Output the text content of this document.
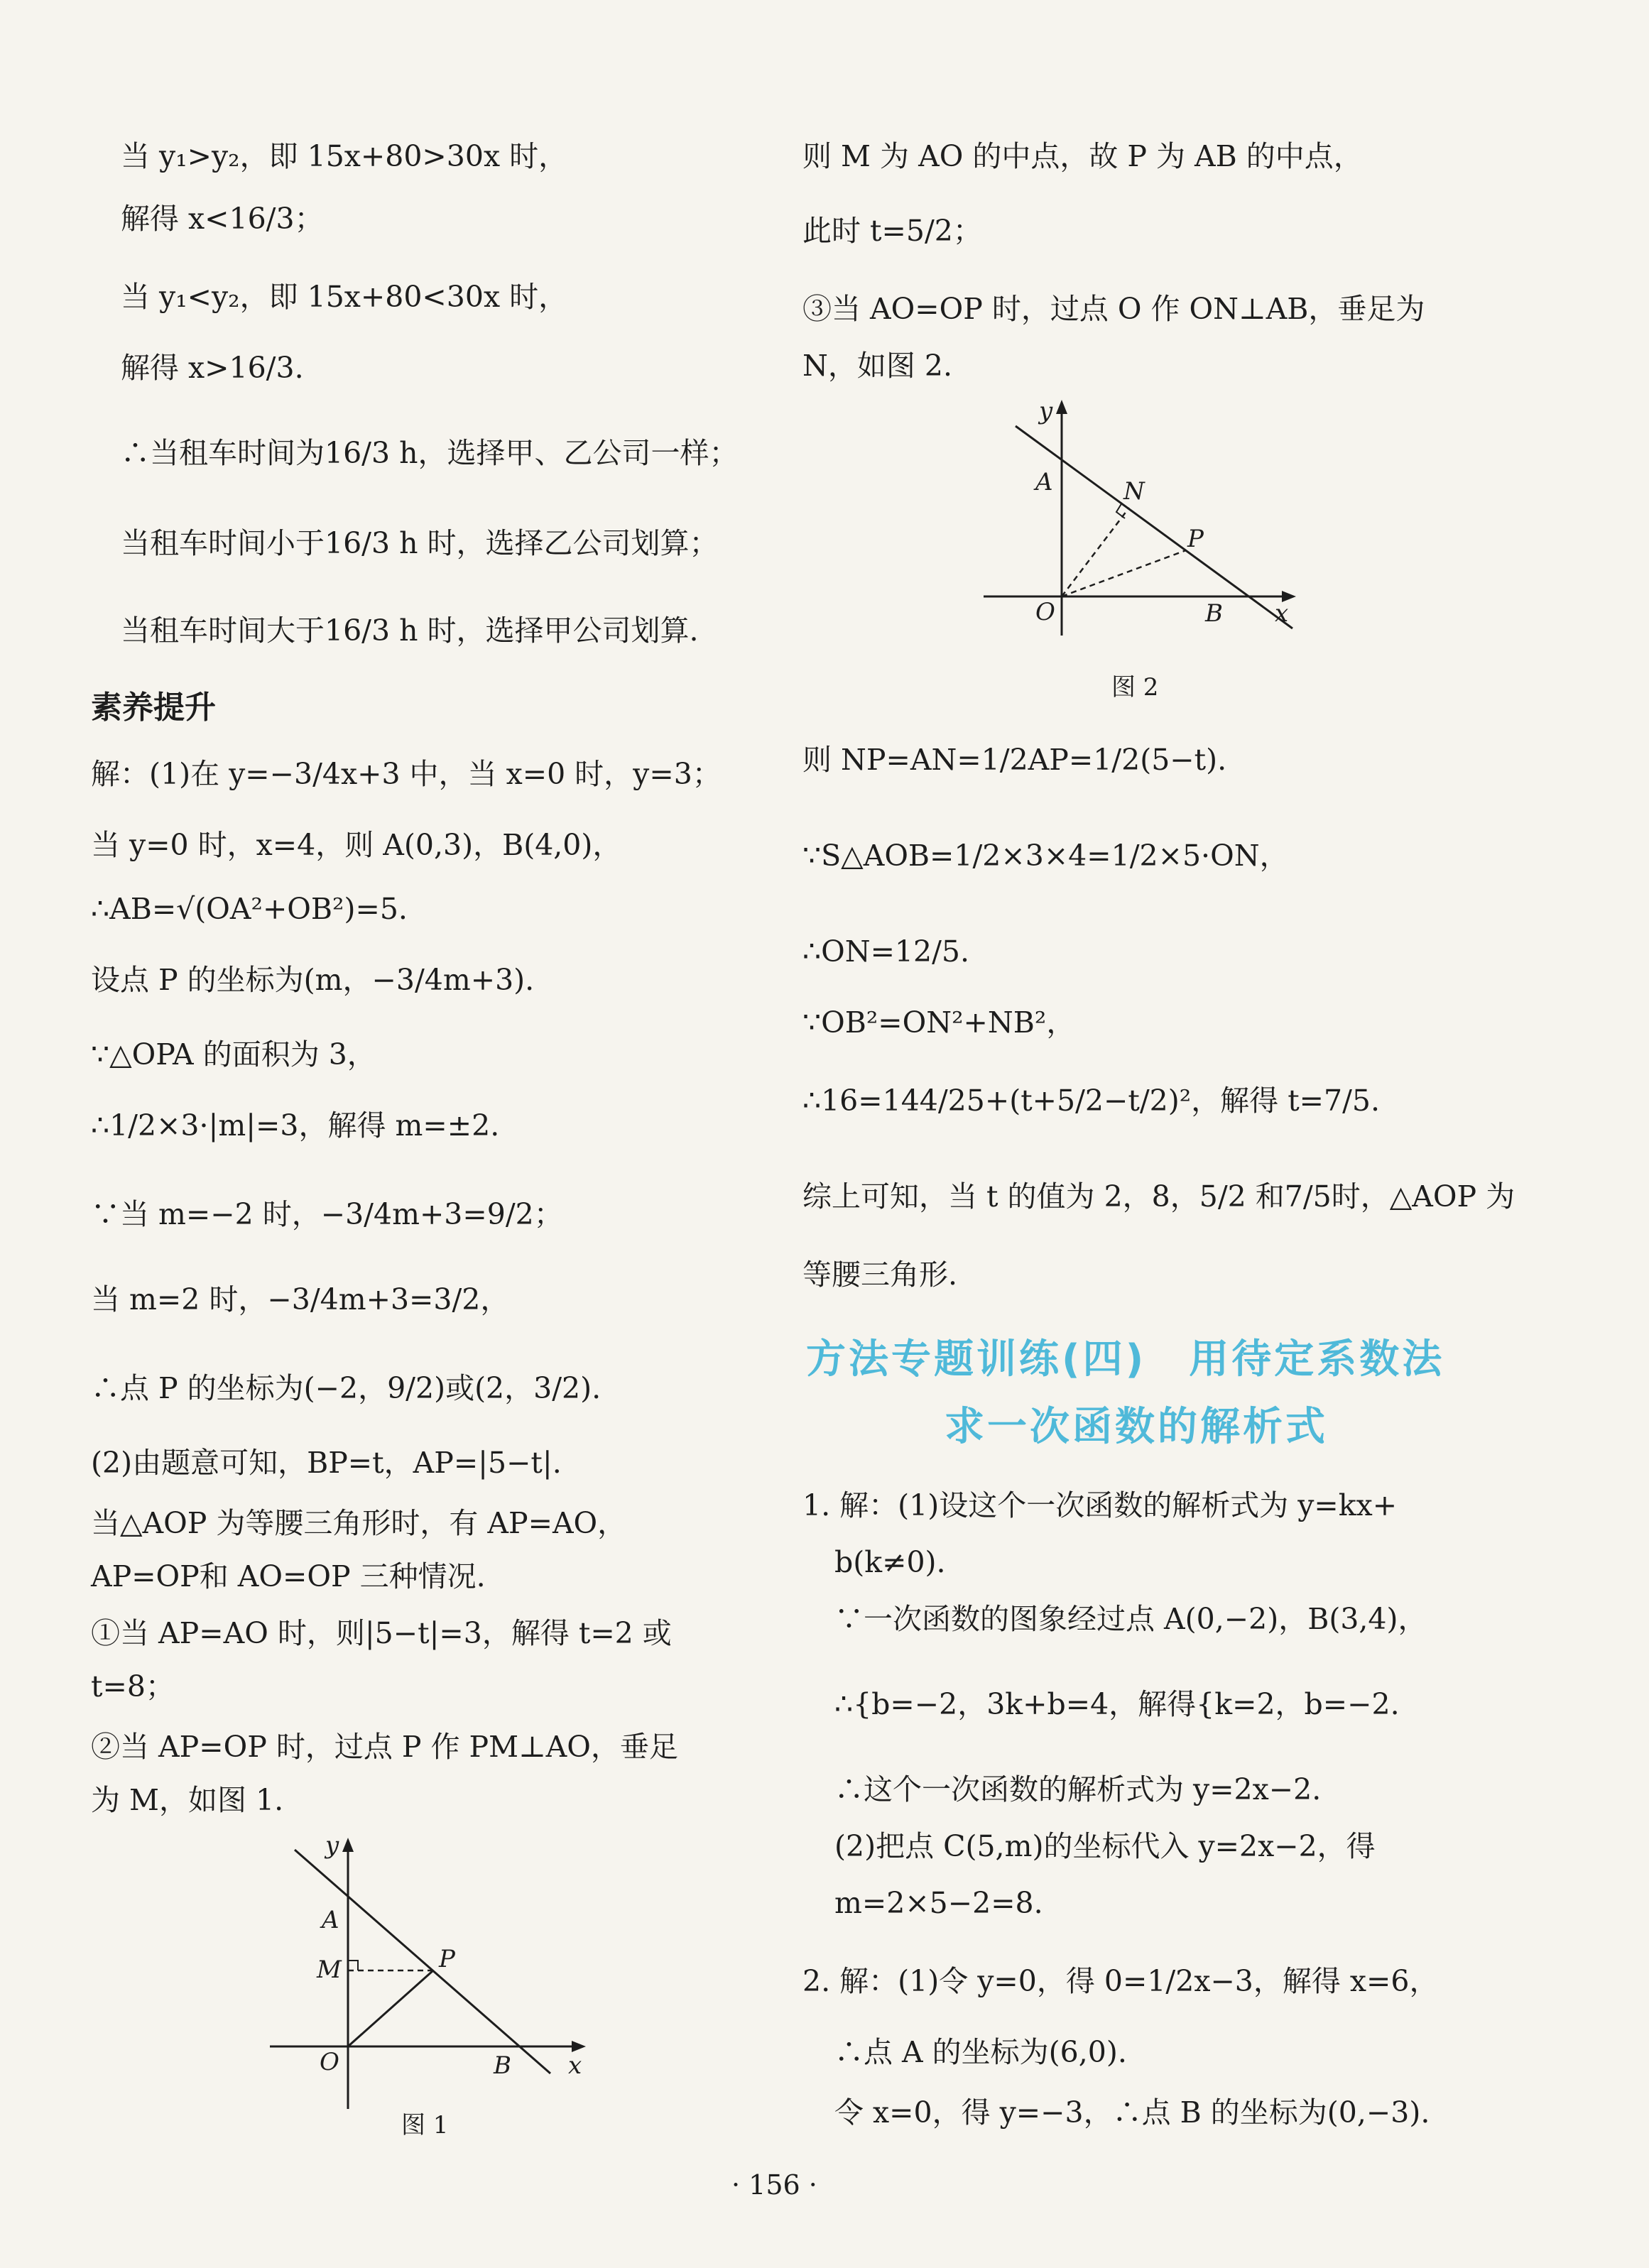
当 y₁>y₂，即 15x+80>30x 时，
解得 x<16/3；
当 y₁<y₂，即 15x+80<30x 时，
解得 x>16/3.
∴当租车时间为16/3 h，选择甲、乙公司一样；
当租车时间小于16/3 h 时，选择乙公司划算；
当租车时间大于16/3 h 时，选择甲公司划算.
素养提升
解：(1)在 y=−3/4x+3 中，当 x=0 时，y=3；
当 y=0 时，x=4，则 A(0,3)，B(4,0)，
∴AB=√(OA²+OB²)=5.
设点 P 的坐标为(m，−3/4m+3).
∵△OPA 的面积为 3，
∴1/2×3·|m|=3，解得 m=±2.
∵当 m=−2 时，−3/4m+3=9/2；
当 m=2 时，−3/4m+3=3/2，
∴点 P 的坐标为(−2，9/2)或(2，3/2).
(2)由题意可知，BP=t，AP=|5−t|.
当△AOP 为等腰三角形时，有 AP=AO，
AP=OP和 AO=OP 三种情况.
①当 AP=AO 时，则|5−t|=3，解得 t=2 或
t=8；
②当 AP=OP 时，过点 P 作 PM⊥AO，垂足
为 M，如图 1.
y
A
M	P
O	B x
图 1
则 M 为 AO 的中点，故 P 为 AB 的中点，
此时 t=5/2；
③当 AO=OP 时，过点 O 作 ON⊥AB，垂足为
N，如图 2.
y
A	N
P
O	B x
图 2
则 NP=AN=1/2AP=1/2(5−t).
∵S△AOB=1/2×3×4=1/2×5·ON，
∴ON=12/5.
∵OB²=ON²+NB²，
∴16=144/25+(t+5/2−t/2)²，解得 t=7/5.
综上可知，当 t 的值为 2，8，5/2 和7/5时，△AOP 为
等腰三角形.
方法专题训练(四)　用待定系数法
求一次函数的解析式
1. 解：(1)设这个一次函数的解析式为 y=kx+
b(k≠0).
∵一次函数的图象经过点 A(0,−2)，B(3,4)，
∴{b=−2，3k+b=4，解得{k=2，b=−2.
∴这个一次函数的解析式为 y=2x−2.
(2)把点 C(5,m)的坐标代入 y=2x−2，得
m=2×5−2=8.
2. 解：(1)令 y=0，得 0=1/2x−3，解得 x=6，
∴点 A 的坐标为(6,0).
令 x=0，得 y=−3，∴点 B 的坐标为(0,−3).
· 156 ·
